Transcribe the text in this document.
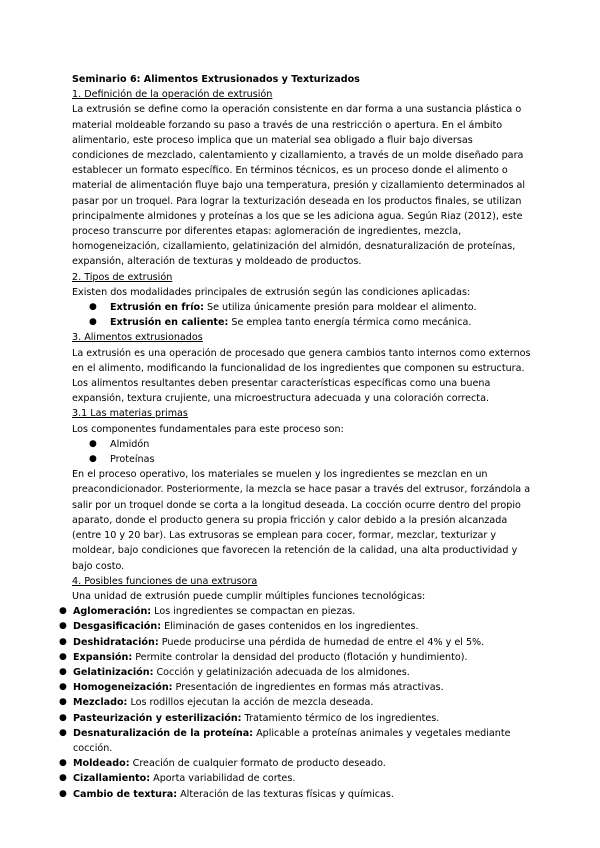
Seminario 6: Alimentos Extrusionados y Texturizados

1. Definición de la operación de extrusión

La extrusión se define como la operación consistente en dar forma a una sustancia plástica o material moldeable forzando su paso a través de una restricción o apertura. En el ámbito alimentario, este proceso implica que un material sea obligado a fluir bajo diversas condiciones de mezclado, calentamiento y cizallamiento, a través de un molde diseñado para establecer un formato específico. En términos técnicos, es un proceso donde el alimento o material de alimentación fluye bajo una temperatura, presión y cizallamiento determinados al pasar por un troquel. Para lograr la texturización deseada en los productos finales, se utilizan principalmente almidones y proteínas a los que se les adiciona agua. Según Riaz (2012), este proceso transcurre por diferentes etapas: aglomeración de ingredientes, mezcla, homogeneización, cizallamiento, gelatinización del almidón, desnaturalización de proteínas, expansión, alteración de texturas y moldeado de productos.

2. Tipos de extrusión

Existen dos modalidades principales de extrusión según las condiciones aplicadas:

● Extrusión en frío: Se utiliza únicamente presión para moldear el alimento.
● Extrusión en caliente: Se emplea tanto energía térmica como mecánica.

3. Alimentos extrusionados

La extrusión es una operación de procesado que genera cambios tanto internos como externos en el alimento, modificando la funcionalidad de los ingredientes que componen su estructura. Los alimentos resultantes deben presentar características específicas como una buena expansión, textura crujiente, una microestructura adecuada y una coloración correcta.

3.1 Las materias primas

Los componentes fundamentales para este proceso son:

● Almidón
● Proteínas

En el proceso operativo, los materiales se muelen y los ingredientes se mezclan en un preacondicionador. Posteriormente, la mezcla se hace pasar a través del extrusor, forzándola a salir por un troquel donde se corta a la longitud deseada. La cocción ocurre dentro del propio aparato, donde el producto genera su propia fricción y calor debido a la presión alcanzada (entre 10 y 20 bar). Las extrusoras se emplean para cocer, formar, mezclar, texturizar y moldear, bajo condiciones que favorecen la retención de la calidad, una alta productividad y bajo costo.

4. Posibles funciones de una extrusora

Una unidad de extrusión puede cumplir múltiples funciones tecnológicas:

● Aglomeración: Los ingredientes se compactan en piezas.
● Desgasificación: Eliminación de gases contenidos en los ingredientes.
● Deshidratación: Puede producirse una pérdida de humedad de entre el 4% y el 5%.
● Expansión: Permite controlar la densidad del producto (flotación y hundimiento).
● Gelatinización: Cocción y gelatinización adecuada de los almidones.
● Homogeneización: Presentación de ingredientes en formas más atractivas.
● Mezclado: Los rodillos ejecutan la acción de mezcla deseada.
● Pasteurización y esterilización: Tratamiento térmico de los ingredientes.
● Desnaturalización de la proteína: Aplicable a proteínas animales y vegetales mediante cocción.
● Moldeado: Creación de cualquier formato de producto deseado.
● Cizallamiento: Aporta variabilidad de cortes.
● Cambio de textura: Alteración de las texturas físicas y químicas.
